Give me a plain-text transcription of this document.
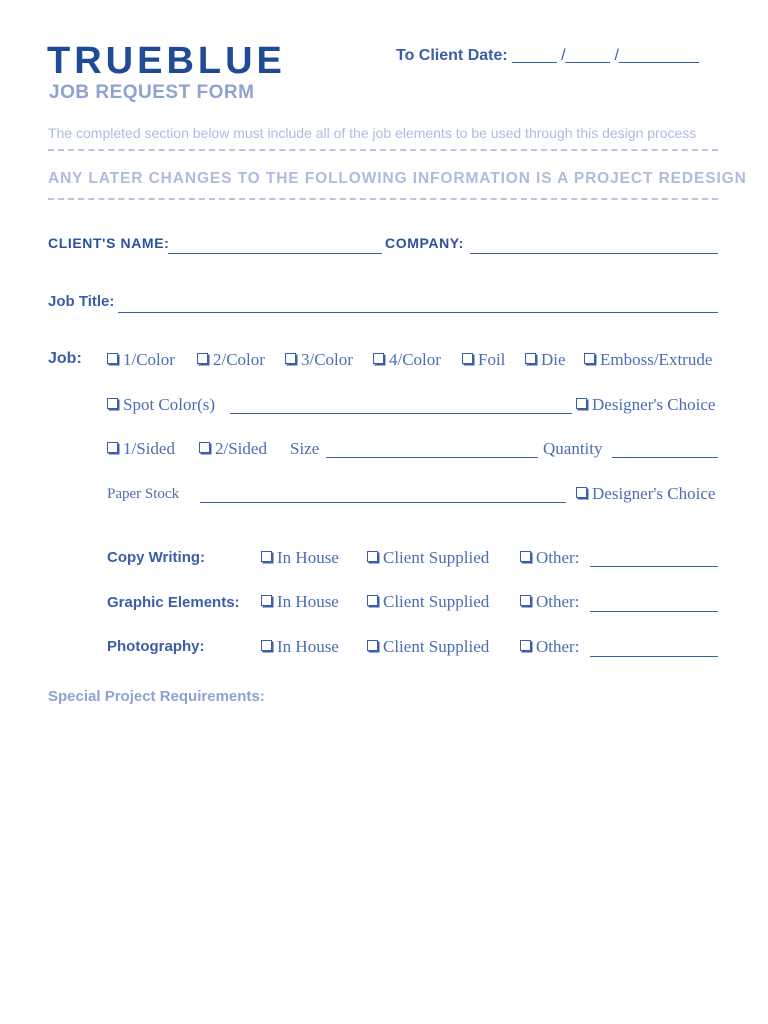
TRUEBLUE
JOB REQUEST FORM
To Client Date: _____ /_____ /_________
The completed section below must include all of the job elements to be used through this design process
ANY LATER CHANGES TO THE FOLLOWING INFORMATION IS A PROJECT REDESIGN
CLIENT'S NAME:	COMPANY:
Job Title:
Job:	1/Color	2/Color	3/Color	4/Color	Foil	Die	Emboss/Extrude
Spot Color(s)	Designer's Choice
1/Sided	2/Sided Size	Quantity
Paper Stock	Designer's Choice
Copy Writing:	In House	Client Supplied	Other:
Graphic Elements:	In House	Client Supplied	Other:
Photography:	In House	Client Supplied	Other:
Special Project Requirements:
